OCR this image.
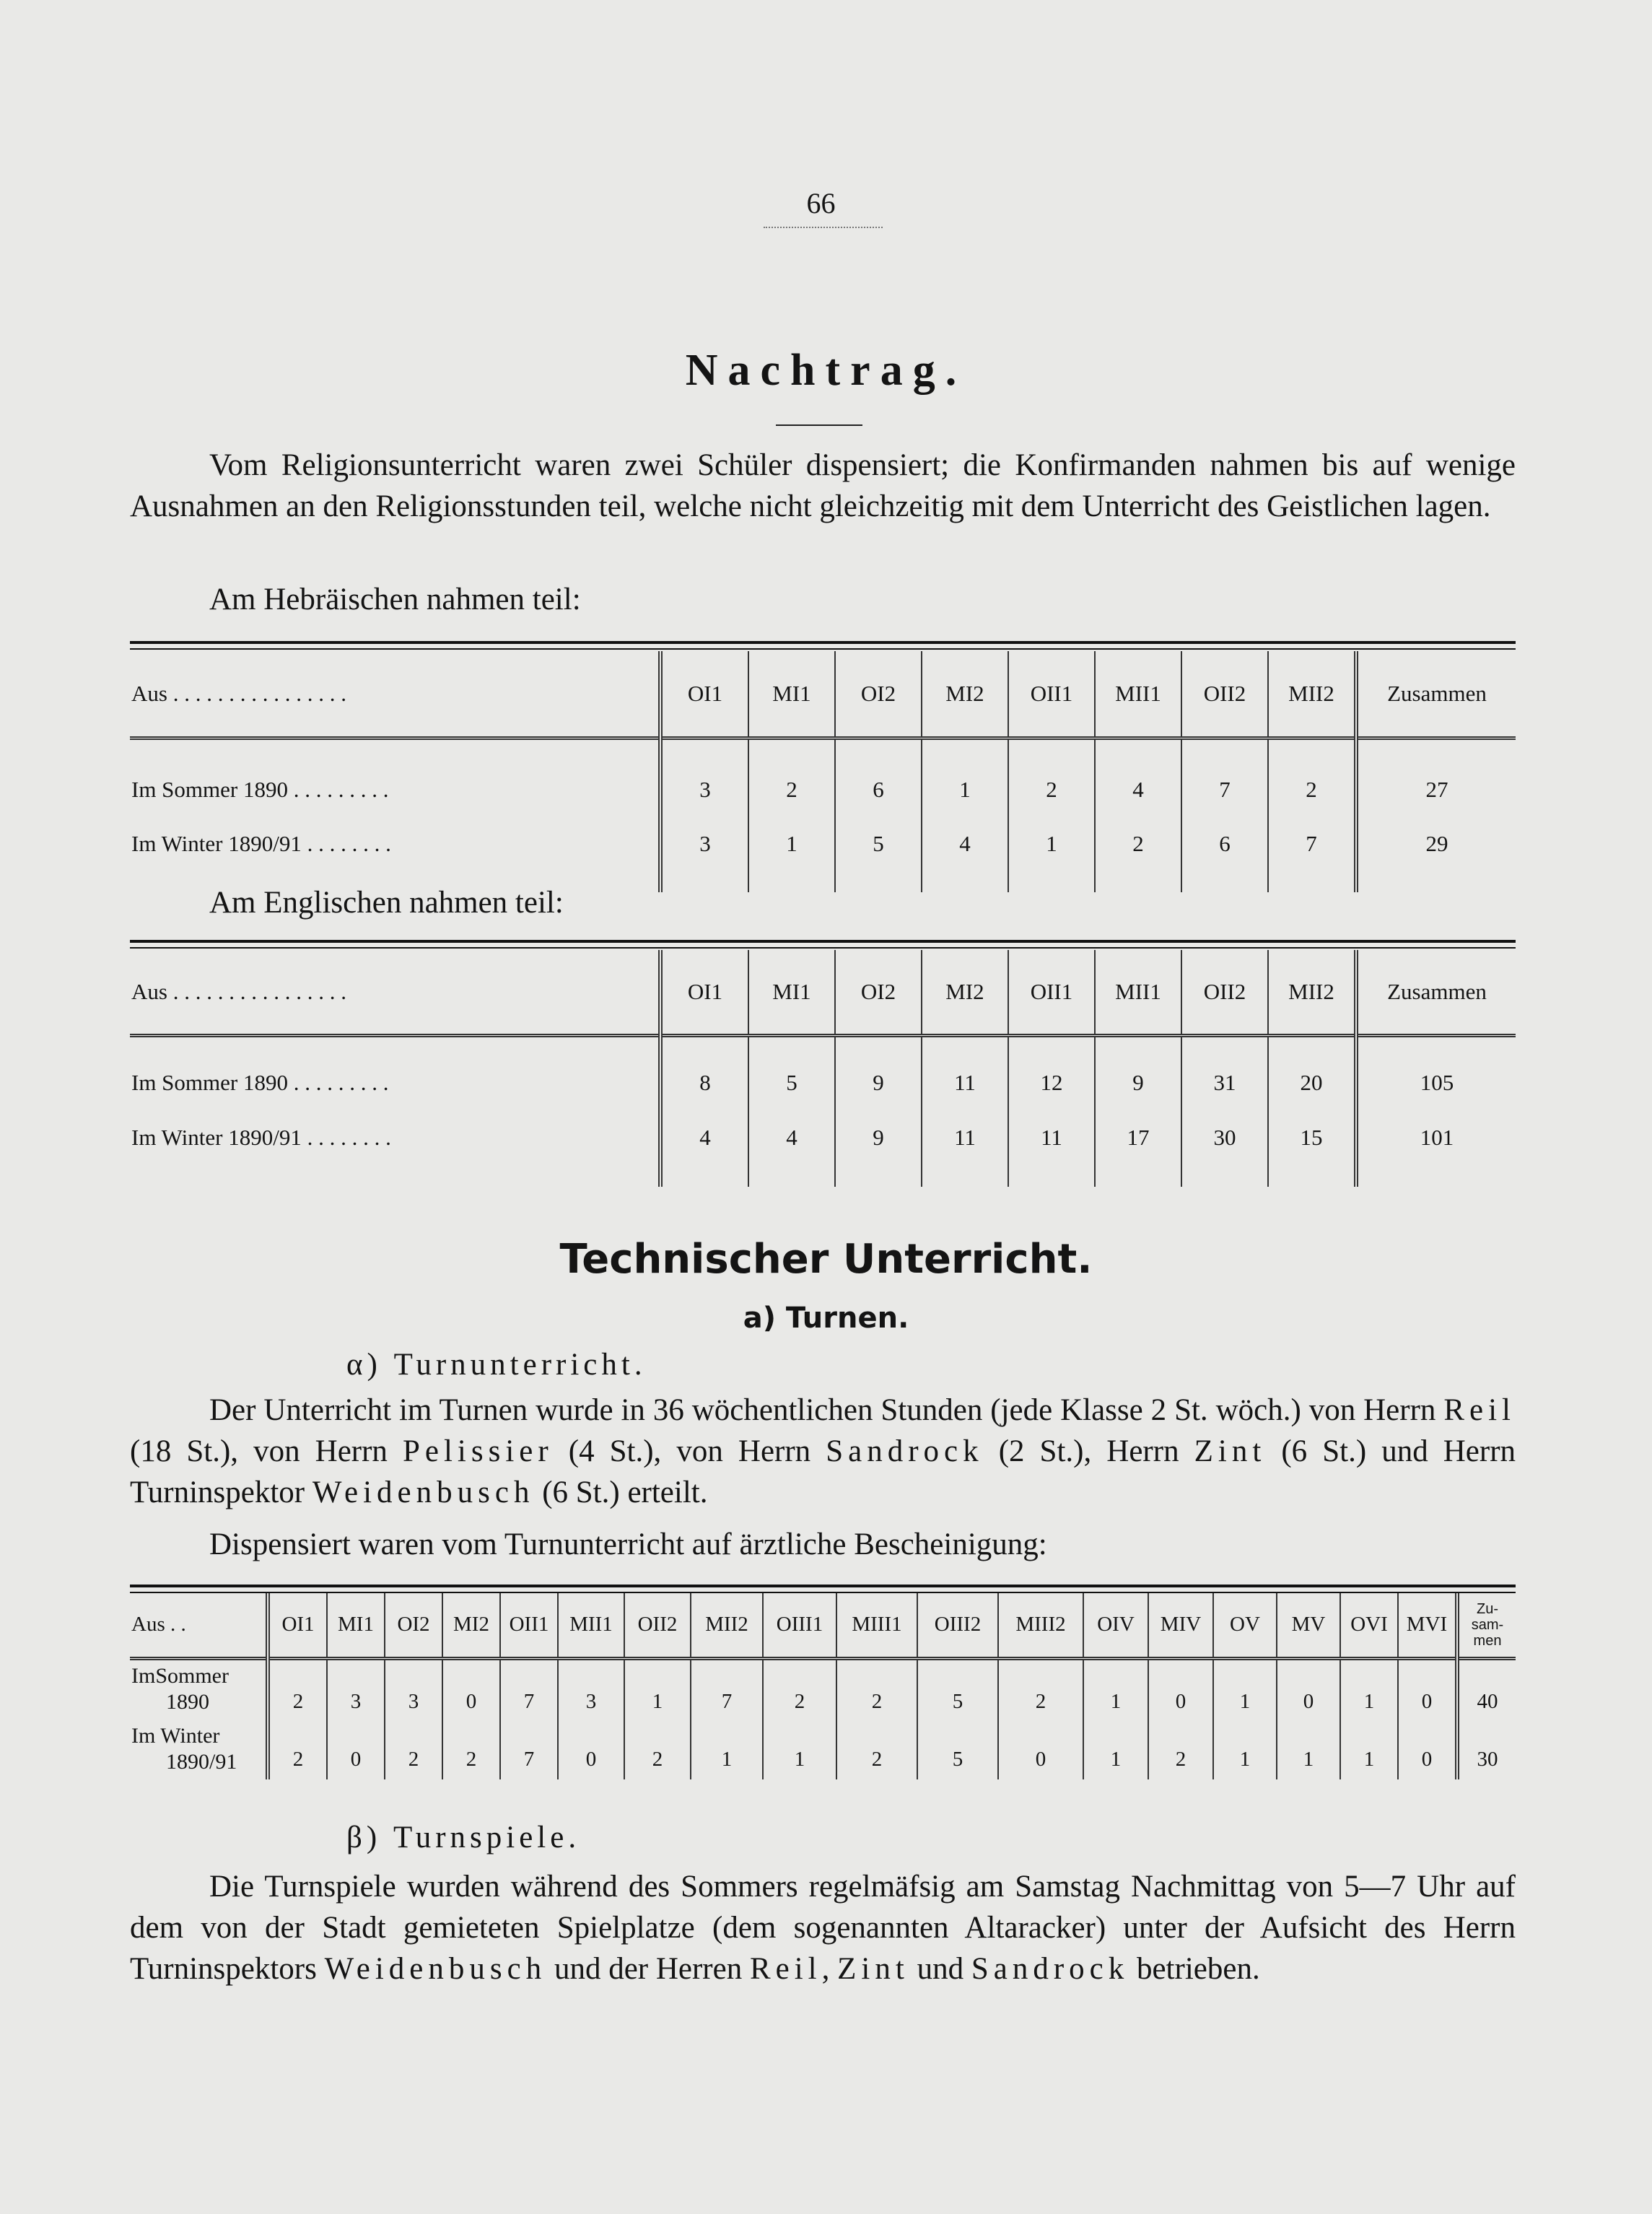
66
Nachtrag.
Vom Religionsunterricht waren zwei Schüler dispensiert; die Konfirmanden nahmen bis auf wenige Ausnahmen an den Religionsstunden teil, welche nicht gleichzeitig mit dem Unterricht des Geistlichen lagen.
Am Hebräischen nahmen teil:
Aus . . . . . . . . . . . . . . . .	OI1	MI1	OI2	MI2	OII1	MII1	OII2	MII2	Zusammen

Im Sommer 1890 . . . . . . . . .	3	2	6	1	2	4	7	2	27
Im Winter 1890/91 . . . . . . . .	3	1	5	4	1	2	6	7	29

Am Englischen nahmen teil:
Aus . . . . . . . . . . . . . . . .	OI1	MI1	OI2	MI2	OII1	MII1	OII2	MII2	Zusammen

Im Sommer 1890 . . . . . . . . .	8	5	9	11	12	9	31	20	105
Im Winter 1890/91 . . . . . . . .	4	4	9	11	11	17	30	15	101

Technischer Unterricht.
a) Turnen.
α) Turnunterricht.
Der Unterricht im Turnen wurde in 36 wöchentlichen Stunden (jede Klasse 2 St. wöch.) von Herrn Reil (18 St.), von Herrn Pelissier (4 St.), von Herrn Sandrock (2 St.), Herrn Zint (6 St.) und Herrn Turninspektor Weidenbusch (6 St.) erteilt.
Dispensiert waren vom Turnunterricht auf ärztliche Bescheinigung:
Aus . .	OI1	MI1	OI2	MI2	OII1	MII1	OII2	MII2	OIII1	MIII1	OIII2	MIII2	OIV	MIV	OV	MV	OVI	MVI	Zu-
sam-
men
ImSommer
1890	2	3	3	0	7	3	1	7	2	2	5	2	1	0	1	0	1	0	40
Im Winter
1890/91	2	0	2	2	7	0	2	1	1	2	5	0	1	2	1	1	1	0	30
β) Turnspiele.
Die Turnspiele wurden während des Sommers regelmäfsig am Samstag Nachmittag von 5—7 Uhr auf dem von der Stadt gemieteten Spielplatze (dem sogenannten Altaracker) unter der Aufsicht des Herrn Turninspektors Weidenbusch und der Herren Reil, Zint und Sandrock betrieben.
